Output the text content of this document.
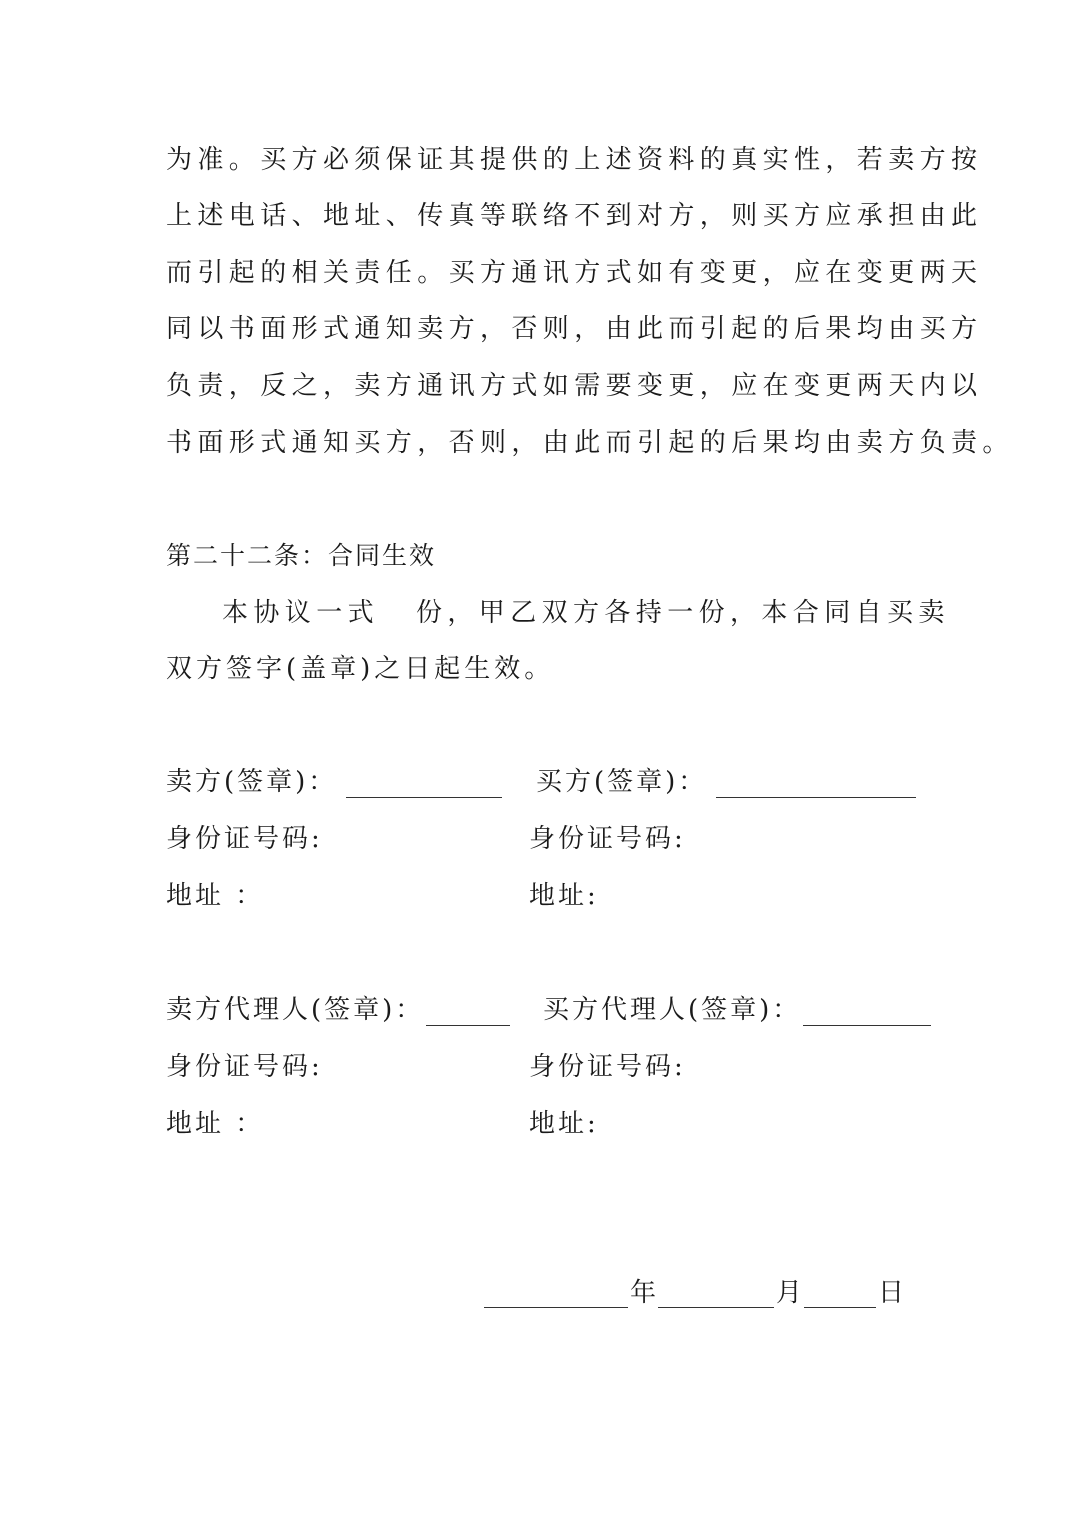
为准。买方必须保证其提供的上述资料的真实性，若卖方按
上述电话、地址、传真等联络不到对方，则买方应承担由此
而引起的相关责任。买方通讯方式如有变更，应在变更两天
同以书面形式通知卖方，否则，由此而引起的后果均由买方
负责，反之，卖方通讯方式如需要变更，应在变更两天内以
书面形式通知买方，否则，由此而引起的后果均由卖方负责。
第二十二条：合同生效
本协议一式 份，甲乙双方各持一份，本合同自买卖
双方签字(盖章)之日起生效。
卖方(签章)：	买方(签章)：
身份证号码:	身份证号码:
地址 ：	地址:
卖方代理人(签章)：	买方代理人(签章)：
身份证号码:	身份证号码:
地址 ：	地址:
年	月	日
